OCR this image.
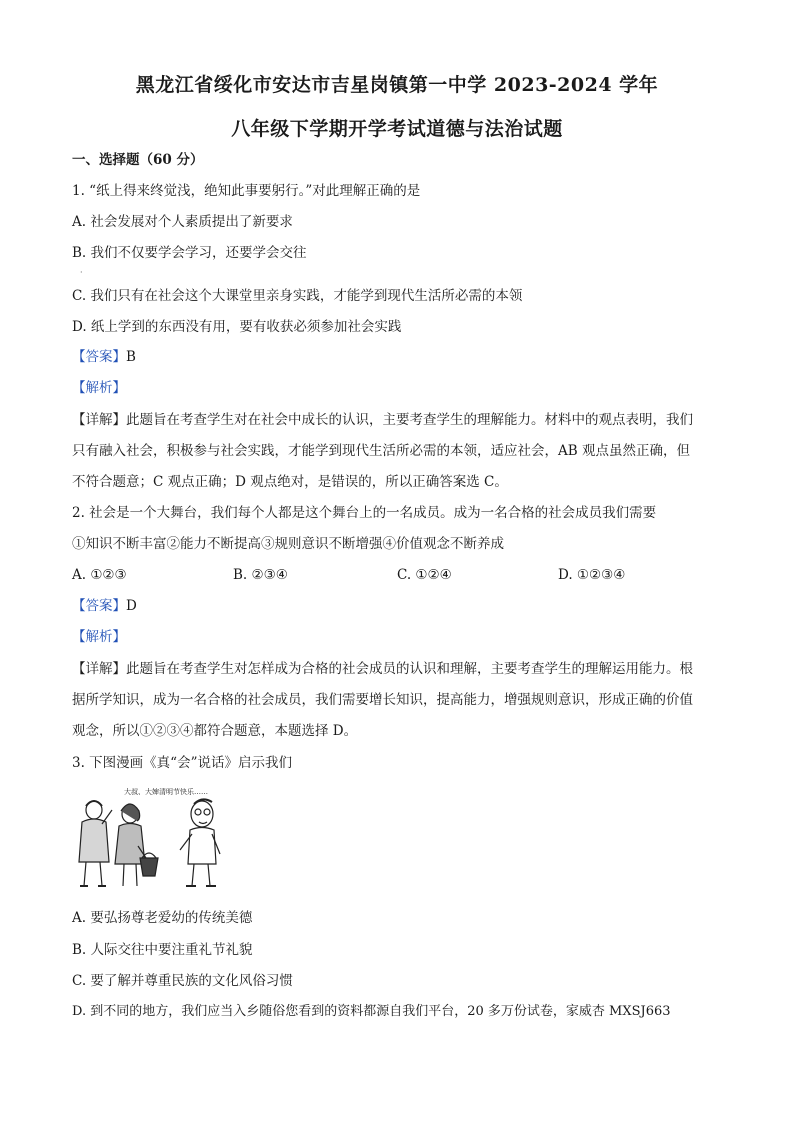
黑龙江省绥化市安达市吉星岗镇第一中学 2023-2024 学年
八年级下学期开学考试道德与法治试题
一、选择题（60 分）
1. “纸上得来终觉浅，绝知此事要躬行。”对此理解正确的是
A. 社会发展对个人素质提出了新要求
B. 我们不仅要学会学习，还要学会交往
·
C. 我们只有在社会这个大课堂里亲身实践，才能学到现代生活所必需的本领
D. 纸上学到的东西没有用，要有收获必须参加社会实践
【答案】B
【解析】
【详解】此题旨在考查学生对在社会中成长的认识，主要考查学生的理解能力。材料中的观点表明，我们
只有融入社会，积极参与社会实践，才能学到现代生活所必需的本领，适应社会，AB 观点虽然正确，但
不符合题意；C 观点正确；D 观点绝对，是错误的，所以正确答案选 C。
2. 社会是一个大舞台，我们每个人都是这个舞台上的一名成员。成为一名合格的社会成员我们需要
①知识不断丰富②能力不断提高③规则意识不断增强④价值观念不断养成
A. ①②③	B. ②③④	C. ①②④	D. ①②③④
【答案】D
【解析】
【详解】此题旨在考查学生对怎样成为合格的社会成员的认识和理解，主要考查学生的理解运用能力。根
据所学知识，成为一名合格的社会成员，我们需要增长知识，提高能力，增强规则意识，形成正确的价值
观念，所以①②③④都符合题意，本题选择 D。
3. 下图漫画《真“会”说话》启示我们
大叔、大婶清明节快乐……
A. 要弘扬尊老爱幼的传统美德
B. 人际交往中要注重礼节礼貌
C. 要了解并尊重民族的文化风俗习惯
D. 到不同的地方，我们应当入乡随俗您看到的资料都源自我们平台，20 多万份试卷，家威杏 MXSJ663
